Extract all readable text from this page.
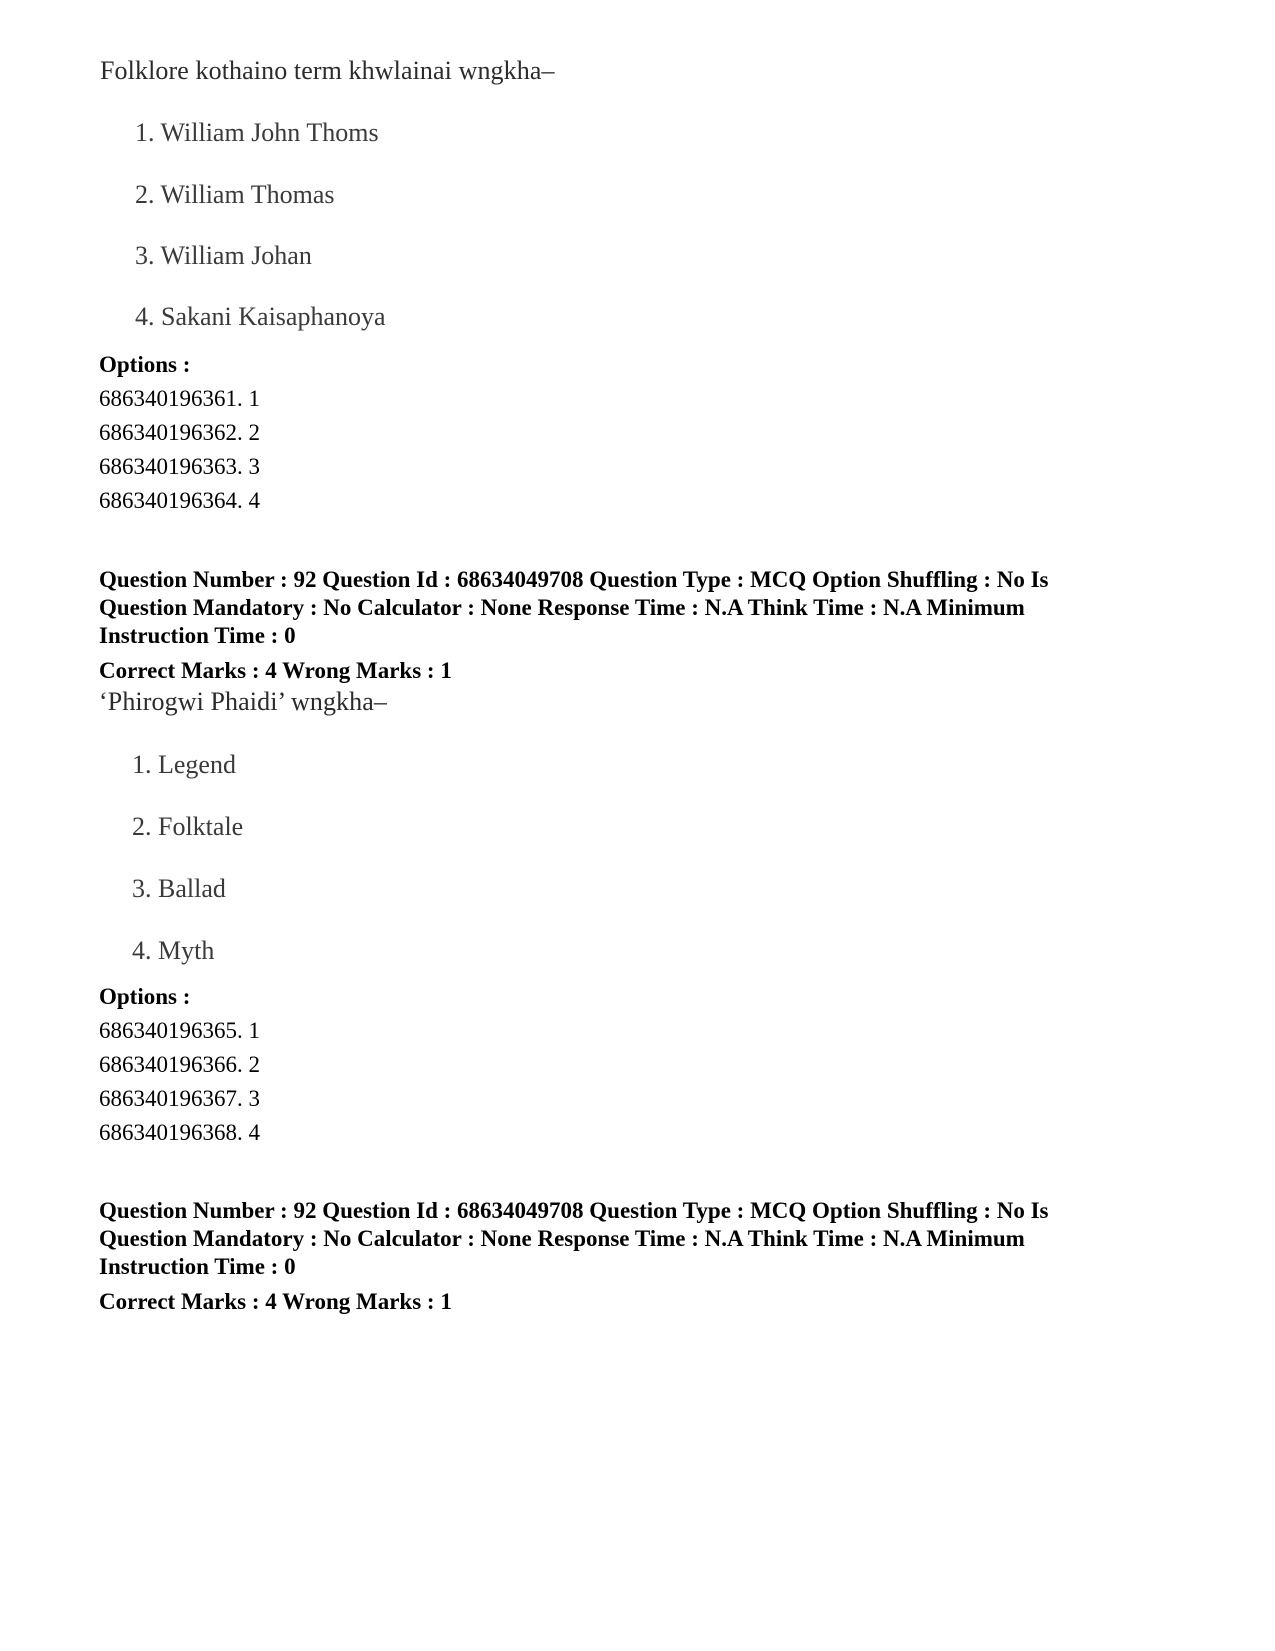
Folklore kothaino term khwlainai wngkha–
1. William John Thoms
2. William Thomas
3. William Johan
4. Sakani Kaisaphanoya
Options :
686340196361. 1
686340196362. 2
686340196363. 3
686340196364. 4
Question Number : 92 Question Id : 68634049708 Question Type : MCQ Option Shuffling : No Is
Question Mandatory : No Calculator : None Response Time : N.A Think Time : N.A Minimum
Instruction Time : 0
Correct Marks : 4 Wrong Marks : 1
‘Phirogwi Phaidi’ wngkha–
1. Legend
2. Folktale
3. Ballad
4. Myth
Options :
686340196365. 1
686340196366. 2
686340196367. 3
686340196368. 4
Question Number : 92 Question Id : 68634049708 Question Type : MCQ Option Shuffling : No Is
Question Mandatory : No Calculator : None Response Time : N.A Think Time : N.A Minimum
Instruction Time : 0
Correct Marks : 4 Wrong Marks : 1
